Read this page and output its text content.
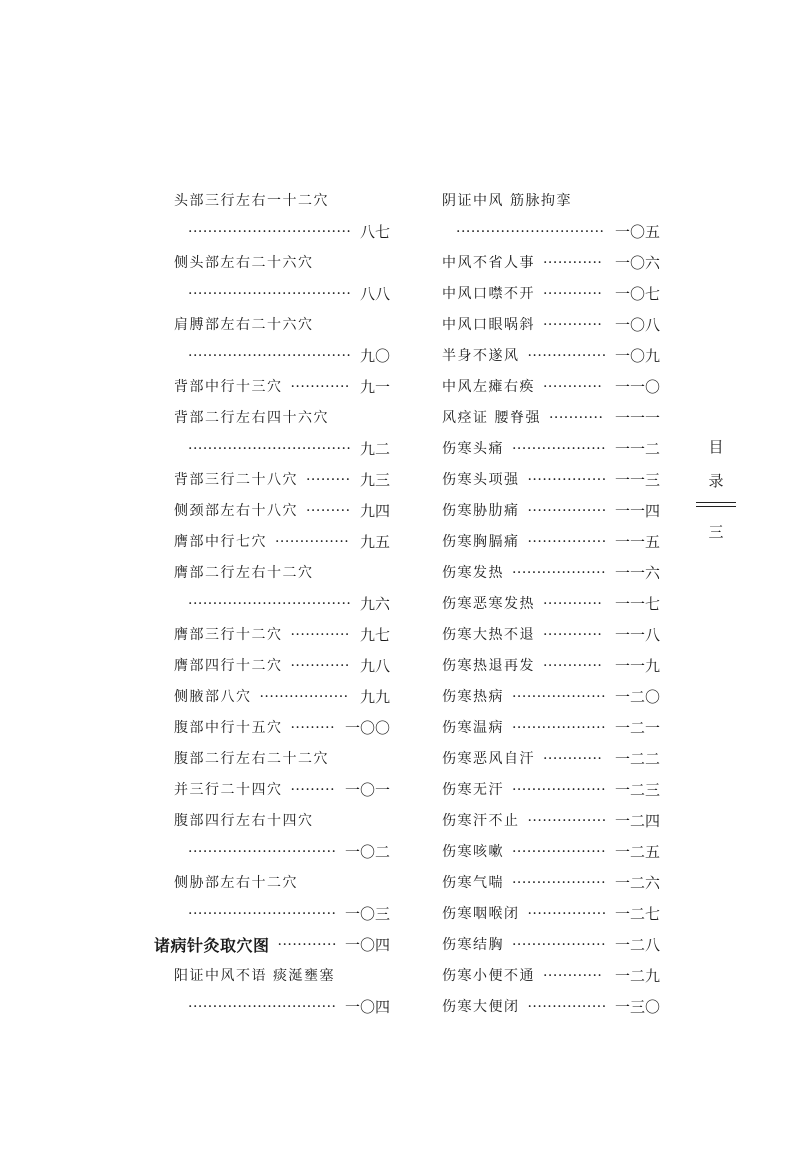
头部三行左右一十二穴
八七
·································
侧头部左右二十六穴
八八
·································
肩膊部左右二十六穴
九〇
·································
背部中行十三穴	九一
············
背部二行左右四十六穴
九二
·································
背部三行二十八穴	九三
·········
侧颈部左右十八穴	九四
·········
膺部中行七穴	九五
···············
膺部二行左右十二穴
九六
·································
膺部三行十二穴	九七
············
膺部四行十二穴	九八
············
侧腋部八穴	九九
··················
腹部中行十五穴	一〇〇
·········
腹部二行左右二十二穴
并三行二十四穴	一〇一
·········
腹部四行左右十四穴
一〇二
······························
侧胁部左右十二穴
一〇三
······························
诸病针灸取穴图	一〇四
············
阳证中风不语 痰涎壅塞
一〇四
······························
阴证中风 筋脉拘挛
一〇五
······························
中风不省人事	一〇六
············
中风口噤不开	一〇七
············
中风口眼㖞斜	一〇八
············
半身不遂风	一〇九
················
中风左瘫右痪	一一〇
············
风痉证 腰脊强	一一一
···········
伤寒头痛	一一二
···················
伤寒头项强	一一三
················
伤寒胁肋痛	一一四
················
伤寒胸膈痛	一一五
················
伤寒发热	一一六
···················
伤寒恶寒发热	一一七
············
伤寒大热不退	一一八
············
伤寒热退再发	一一九
············
伤寒热病	一二〇
···················
伤寒温病	一二一
···················
伤寒恶风自汗	一二二
············
伤寒无汗	一二三
···················
伤寒汗不止	一二四
················
伤寒咳嗽	一二五
···················
伤寒气喘	一二六
···················
伤寒咽喉闭	一二七
················
伤寒结胸	一二八
···················
伤寒小便不通	一二九
············
伤寒大便闭	一三〇
················
目
录
三
